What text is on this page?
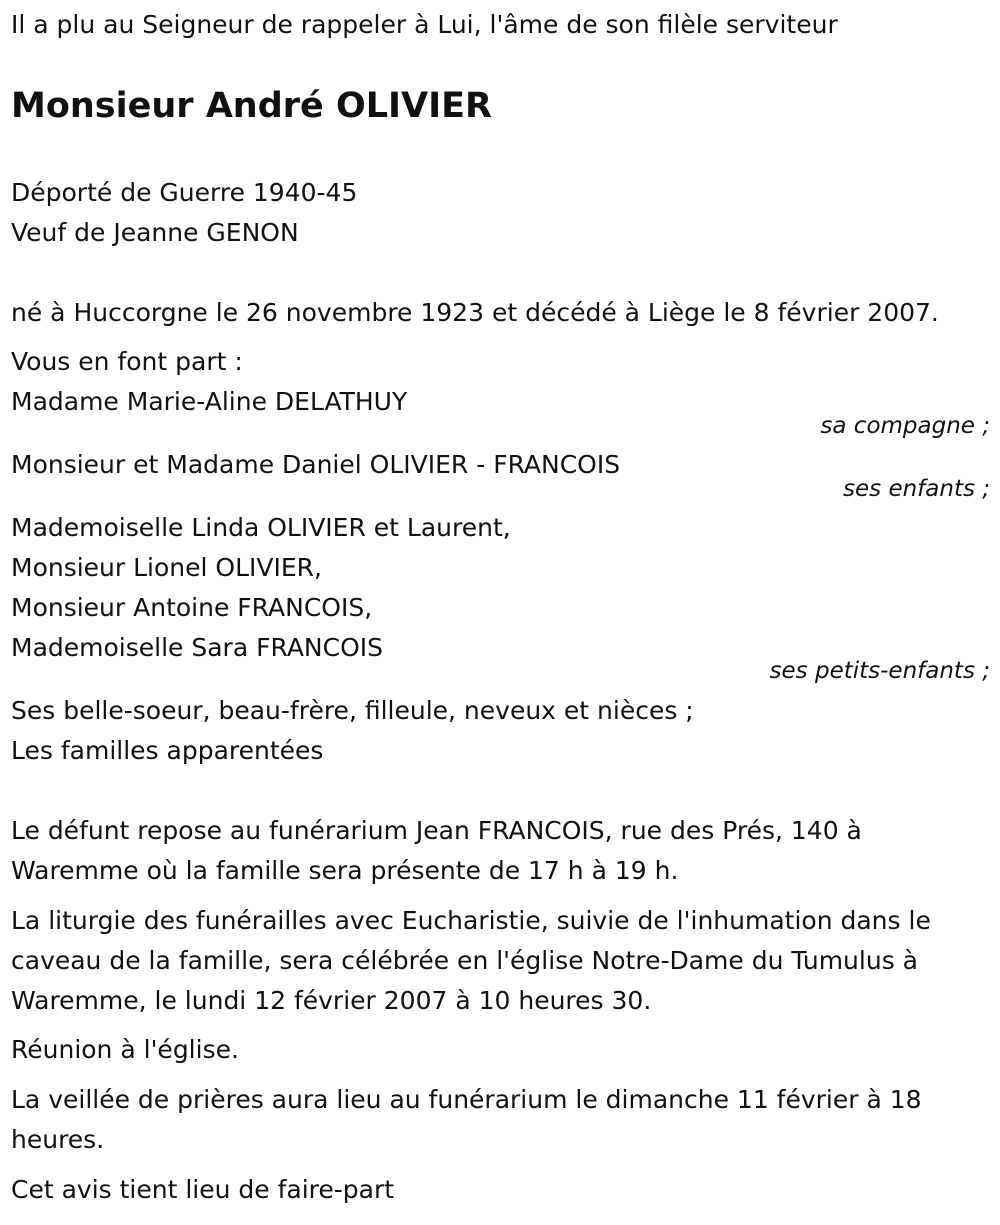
Il a plu au Seigneur de rappeler à Lui, l'âme de son filèle serviteur

Monsieur André OLIVIER

Déporté de Guerre 1940-45

Veuf de Jeanne GENON

né à Huccorgne le 26 novembre 1923 et décédé à Liège le 8 février 2007.

Vous en font part :

Madame Marie-Aline DELATHUY

sa compagne ;

Monsieur et Madame Daniel OLIVIER - FRANCOIS

ses enfants ;

Mademoiselle Linda OLIVIER et Laurent,

Monsieur Lionel OLIVIER,

Monsieur Antoine FRANCOIS,

Mademoiselle Sara FRANCOIS

ses petits-enfants ;

Ses belle-soeur, beau-frère, filleule, neveux et nièces ;

Les familles apparentées

Le défunt repose au funérarium Jean FRANCOIS, rue des Prés, 140 à

Waremme où la famille sera présente de 17 h à 19 h.

La liturgie des funérailles avec Eucharistie, suivie de l'inhumation dans le

caveau de la famille, sera célébrée en l'église Notre-Dame du Tumulus à

Waremme, le lundi 12 février 2007 à 10 heures 30.

Réunion à l'église.

La veillée de prières aura lieu au funérarium le dimanche 11 février à 18

heures.

Cet avis tient lieu de faire-part
